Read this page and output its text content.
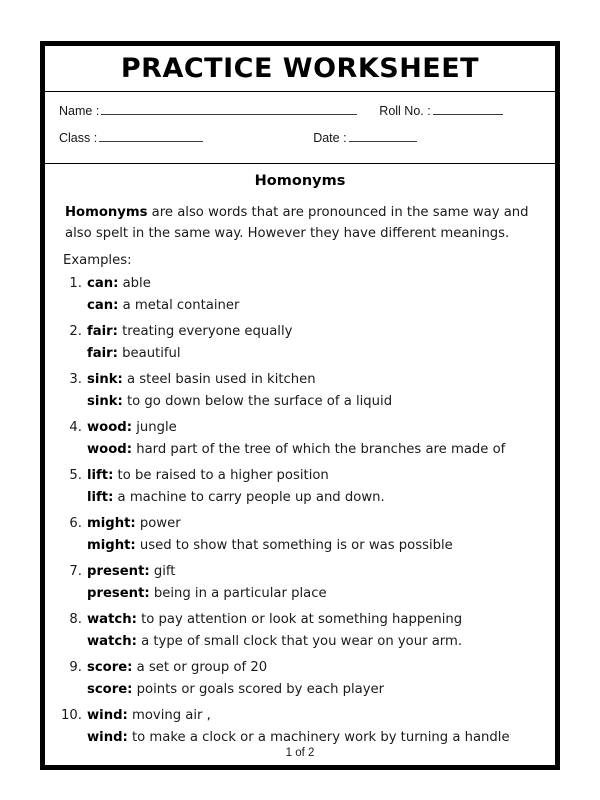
PRACTICE WORKSHEET
Name :	Roll No. :
Class :	Date :
Homonyms

Homonyms are also words that are pronounced in the same way and also spelt in the same way. However they have different meanings.

Examples:
1. can: able
can: a metal container
2. fair: treating everyone equally
fair: beautiful
3. sink: a steel basin used in kitchen
sink: to go down below the surface of a liquid
4. wood: jungle
wood: hard part of the tree of which the branches are made of
5. lift: to be raised to a higher position
lift: a machine to carry people up and down.
6. might: power
might: used to show that something is or was possible
7. present: gift
present: being in a particular place
8. watch: to pay attention or look at something happening
watch: a type of small clock that you wear on your arm.
9. score: a set or group of 20
score: points or goals scored by each player
10. wind: moving air ,
wind: to make a clock or a machinery work by turning a handle
1 of 2
